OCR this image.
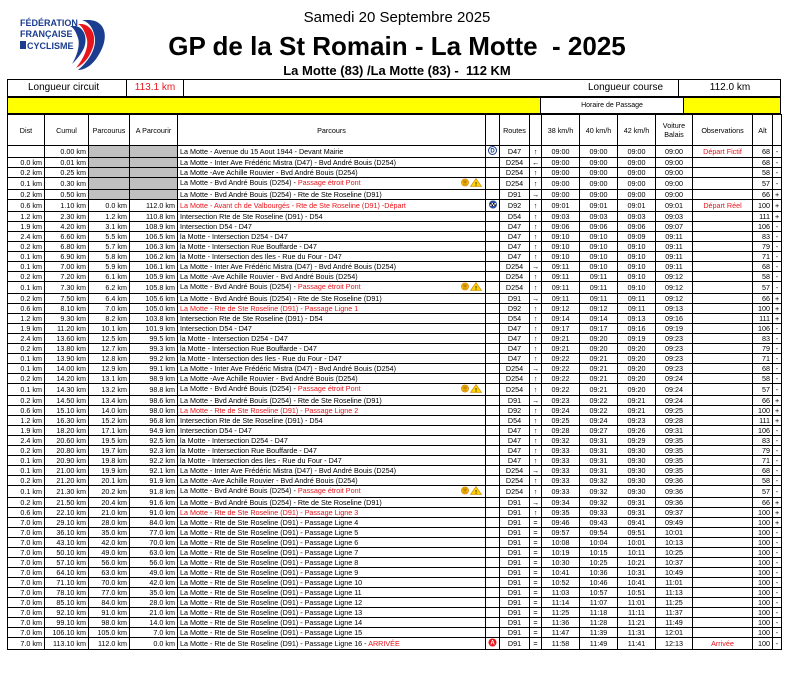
FÉDÉRATION
FRANÇAISE
CYCLISME
Samedi 20 Septembre 2025
GP de la St Romain - La Motte  - 2025
La Motte (83) /La Motte (83) -  112 KM
Longueur circuit	113.1 km	Longueur course	112.0 km
Horaire de Passage
Dist	Cumul	Parcourus	A Parcourir	Parcours		Routes		38 km/h	40 km/h	42 km/h	Voiture Balais	Observations	Alt	
	0.00 km			La Motte - Avenue du 15 Aout 1944 - Devant Mairie	D	D47	↑	09:00	09:00	09:00	09:00	Départ Fictif	68	-
0.0 km	0.01 km			La Motte - Inter Ave Frédéric Mistra (D47) - Bvd André Bouis (D254)		D254	←	09:00	09:00	09:00	09:00		68	-
0.2 km	0.25 km			La Motte -Ave Achille Rouvier - Bvd André Bouis (D254)		D254	↑	09:00	09:00	09:00	09:00		58	-
0.1 km	0.30 km			La Motte - Bvd André Bouis (D254) - Passage étroit Pont !! !		D254	↑	09:00	09:00	09:00	09:00		57	-
0.2 km	0.50 km			La Motte - Bvd André Bouis (D254) - Rte de Ste Roseline (D91)		D91	→	09:00	09:00	09:00	09:00		66	+
0.6 km	1.10 km	0.0 km	112.0 km	La Motte - Avant ch de Valbourgés - Rte de Ste Roseline (D91) -Départ		D92	↑	09:01	09:01	09:01	09:01	Départ Réel	100	+
1.2 km	2.30 km	1.2 km	110.8 km	Intersection Rte de Ste Roseline (D91) - D54		D54	↑	09:03	09:03	09:03	09:03		111	+
1.9 km	4.20 km	3.1 km	108.9 km	Intersection D54 - D47		D47	↑	09:06	09:06	09:06	09:07		106	-
2.4 km	6.60 km	5.5 km	106.5 km	la Motte - Intersection D254 - D47		D47	↑	09:10	09:10	09:09	09:11		83	-
0.2 km	6.80 km	5.7 km	106.3 km	la Motte - Intersection Rue Bouffarde - D47		D47	↑	09:10	09:10	09:10	09:11		79	-
0.1 km	6.90 km	5.8 km	106.2 km	la Motte - Intersection des Iles - Rue du Four - D47		D47	↑	09:10	09:10	09:10	09:11		71	-
0.1 km	7.00 km	5.9 km	106.1 km	La Motte - Inter Ave Frédéric Mistra (D47) - Bvd André Bouis (D254)		D254	→	09:11	09:10	09:10	09:11		68	-
0.2 km	7.20 km	6.1 km	105.9 km	La Motte -Ave Achille Rouvier - Bvd André Bouis (D254)		D254	↑	09:11	09:11	09:10	09:12		58	-
0.1 km	7.30 km	6.2 km	105.8 km	La Motte - Bvd André Bouis (D254) - Passage étroit Pont !! !		D254	↑	09:11	09:11	09:10	09:12		57	-
0.2 km	7.50 km	6.4 km	105.6 km	La Motte - Bvd André Bouis (D254) - Rte de Ste Roseline (D91)		D91	→	09:11	09:11	09:11	09:12		66	+
0.6 km	8.10 km	7.0 km	105.0 km	La Motte - Rte de Ste Roseline (D91) - Passage Ligne 1		D92	↑	09:12	09:12	09:11	09:13		100	+
1.2 km	9.30 km	8.2 km	103.8 km	Intersection Rte de Ste Roseline (D91) - D54		D54	↑	09:14	09:14	09:13	09:16		111	+
1.9 km	11.20 km	10.1 km	101.9 km	Intersection D54 - D47		D47	↑	09:17	09:17	09:16	09:19		106	-
2.4 km	13.60 km	12.5 km	99.5 km	la Motte - Intersection D254 - D47		D47	↑	09:21	09:20	09:19	09:23		83	-
0.2 km	13.80 km	12.7 km	99.3 km	la Motte - Intersection Rue Bouffarde - D47		D47	↑	09:21	09:20	09:20	09:23		79	-
0.1 km	13.90 km	12.8 km	99.2 km	la Motte - Intersection des Iles - Rue du Four - D47		D47	↑	09:22	09:21	09:20	09:23		71	-
0.1 km	14.00 km	12.9 km	99.1 km	La Motte - Inter Ave Frédéric Mistra (D47) - Bvd André Bouis (D254)		D254	→	09:22	09:21	09:20	09:23		68	-
0.2 km	14.20 km	13.1 km	98.9 km	La Motte -Ave Achille Rouvier - Bvd André Bouis (D254)		D254	↑	09:22	09:21	09:20	09:24		58	-
0.1 km	14.30 km	13.2 km	98.8 km	La Motte - Bvd André Bouis (D254) - Passage étroit Pont !! !		D254	↑	09:22	09:21	09:20	09:24		57	-
0.2 km	14.50 km	13.4 km	98.6 km	La Motte - Bvd André Bouis (D254) - Rte de Ste Roseline (D91)		D91	→	09:23	09:22	09:21	09:24		66	+
0.6 km	15.10 km	14.0 km	98.0 km	La Motte - Rte de Ste Roseline (D91) - Passage Ligne 2		D92	↑	09:24	09:22	09:21	09:25		100	+
1.2 km	16.30 km	15.2 km	96.8 km	Intersection Rte de Ste Roseline (D91) - D54		D54	↑	09:25	09:24	09:23	09:28		111	+
1.9 km	18.20 km	17.1 km	94.9 km	Intersection D54 - D47		D47	↑	09:28	09:27	09:26	09:31		106	-
2.4 km	20.60 km	19.5 km	92.5 km	la Motte - Intersection D254 - D47		D47	↑	09:32	09:31	09:29	09:35		83	-
0.2 km	20.80 km	19.7 km	92.3 km	la Motte - Intersection Rue Bouffarde - D47		D47	↑	09:33	09:31	09:30	09:35		79	-
0.1 km	20.90 km	19.8 km	92.2 km	la Motte - Intersection des Iles - Rue du Four - D47		D47	↑	09:33	09:31	09:30	09:35		71	-
0.1 km	21.00 km	19.9 km	92.1 km	La Motte - Inter Ave Frédéric Mistra (D47) - Bvd André Bouis (D254)		D254	→	09:33	09:31	09:30	09:35		68	-
0.2 km	21.20 km	20.1 km	91.9 km	La Motte -Ave Achille Rouvier - Bvd André Bouis (D254)		D254	↑	09:33	09:32	09:30	09:36		58	-
0.1 km	21.30 km	20.2 km	91.8 km	La Motte - Bvd André Bouis (D254) - Passage étroit Pont !! !		D254	↑	09:33	09:32	09:30	09:36		57	-
0.2 km	21.50 km	20.4 km	91.6 km	La Motte - Bvd André Bouis (D254) - Rte de Ste Roseline (D91)		D91	→	09:34	09:32	09:31	09:36		66	+
0.6 km	22.10 km	21.0 km	91.0 km	La Motte - Rte de Ste Roseline (D91) - Passage Ligne 3		D91	↑	09:35	09:33	09:31	09:37		100	+
7.0 km	29.10 km	28.0 km	84.0 km	La Motte - Rte de Ste Roseline (D91) - Passage Ligne 4		D91	=	09:46	09:43	09:41	09:49		100	+
7.0 km	36.10 km	35.0 km	77.0 km	La Motte - Rte de Ste Roseline (D91) - Passage Ligne 5		D91	=	09:57	09:54	09:51	10:01		100	-
7.0 km	43.10 km	42.0 km	70.0 km	La Motte - Rte de Ste Roseline (D91) - Passage Ligne 6		D91	=	10:08	10:04	10:01	10:13		100	-
7.0 km	50.10 km	49.0 km	63.0 km	La Motte - Rte de Ste Roseline (D91) - Passage Ligne 7		D91	=	10:19	10:15	10:11	10:25		100	-
7.0 km	57.10 km	56.0 km	56.0 km	La Motte - Rte de Ste Roseline (D91) - Passage Ligne 8		D91	=	10:30	10:25	10:21	10:37		100	-
7.0 km	64.10 km	63.0 km	49.0 km	La Motte - Rte de Ste Roseline (D91) - Passage Ligne 9		D91	=	10:41	10:36	10:31	10:49		100	-
7.0 km	71.10 km	70.0 km	42.0 km	La Motte - Rte de Ste Roseline (D91) - Passage Ligne 10		D91	=	10:52	10:46	10:41	11:01		100	-
7.0 km	78.10 km	77.0 km	35.0 km	La Motte - Rte de Ste Roseline (D91) - Passage Ligne 11		D91	=	11:03	10:57	10:51	11:13		100	-
7.0 km	85.10 km	84.0 km	28.0 km	La Motte - Rte de Ste Roseline (D91) - Passage Ligne 12		D91	=	11:14	11:07	11:01	11:25		100	-
7.0 km	92.10 km	91.0 km	21.0 km	La Motte - Rte de Ste Roseline (D91) - Passage Ligne 13		D91	=	11:25	11:18	11:11	11:37		100	-
7.0 km	99.10 km	98.0 km	14.0 km	La Motte - Rte de Ste Roseline (D91) - Passage Ligne 14		D91	=	11:36	11:28	11:21	11:49		100	-
7.0 km	106.10 km	105.0 km	7.0 km	La Motte - Rte de Ste Roseline (D91) - Passage Ligne 15		D91	=	11:47	11:39	11:31	12:01		100	-
7.0 km	113.10 km	112.0 km	0.0 km	La Motte - Rte de Ste Roseline (D91) - Passage Ligne 16 - ARRIVÉE	A	D91	=	11:58	11:49	11:41	12:13	Arrivée	100	-
